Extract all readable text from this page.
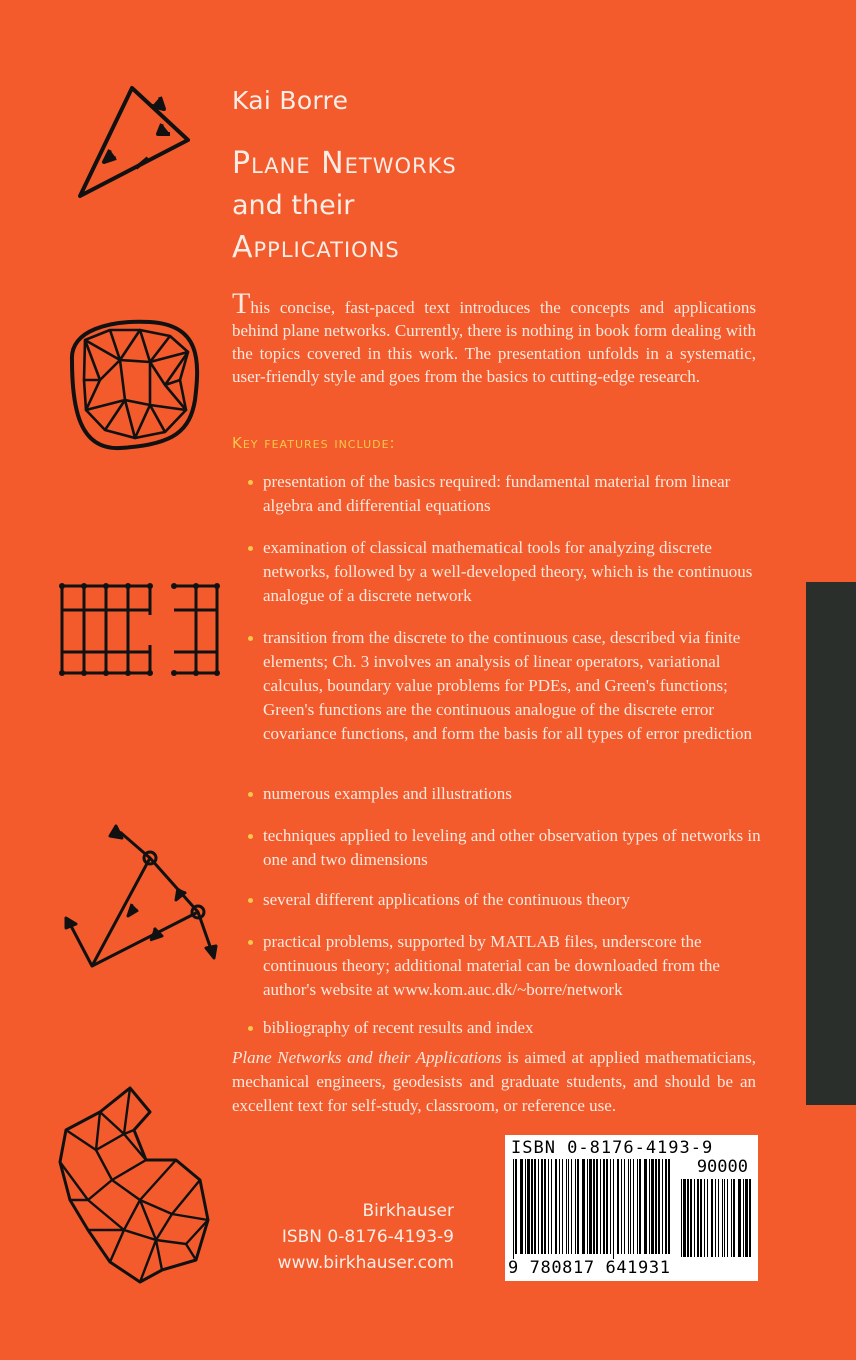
Kai Borre
Plane Networks
and their
Applications

This concise, fast-paced text introduces the concepts and applications behind plane networks. Currently, there is nothing in book form dealing with the topics covered in this work. The presentation unfolds in a systematic, user-friendly style and goes from the basics to cutting-edge research.

Key features include:
presentation of the basics required: fundamental material from linear algebra and differential equations
examination of classical mathematical tools for analyzing discrete networks, followed by a well-developed theory, which is the continuous analogue of a discrete network
transition from the discrete to the continuous case, described via finite elements; Ch. 3 involves an analysis of linear operators, variational calculus, boundary value problems for PDEs, and Green's functions; Green's functions are the continuous analogue of the discrete error covariance functions, and form the basis for all types of error prediction
numerous examples and illustrations
techniques applied to leveling and other observation types of networks in one and two dimensions
several different applications of the continuous theory
practical problems, supported by MATLAB files, underscore the continuous theory; additional material can be downloaded from the author's website at www.kom.auc.dk/~borre/network
bibliography of recent results and index

Plane Networks and their Applications is aimed at applied mathematicians, mechanical engineers, geodesists and graduate students, and should be an excellent text for self-study, classroom, or reference use.

Birkhauser
ISBN 0-8176-4193-9
www.birkhauser.com
ISBN 0-8176-4193-9
90000
9 780817 641931
